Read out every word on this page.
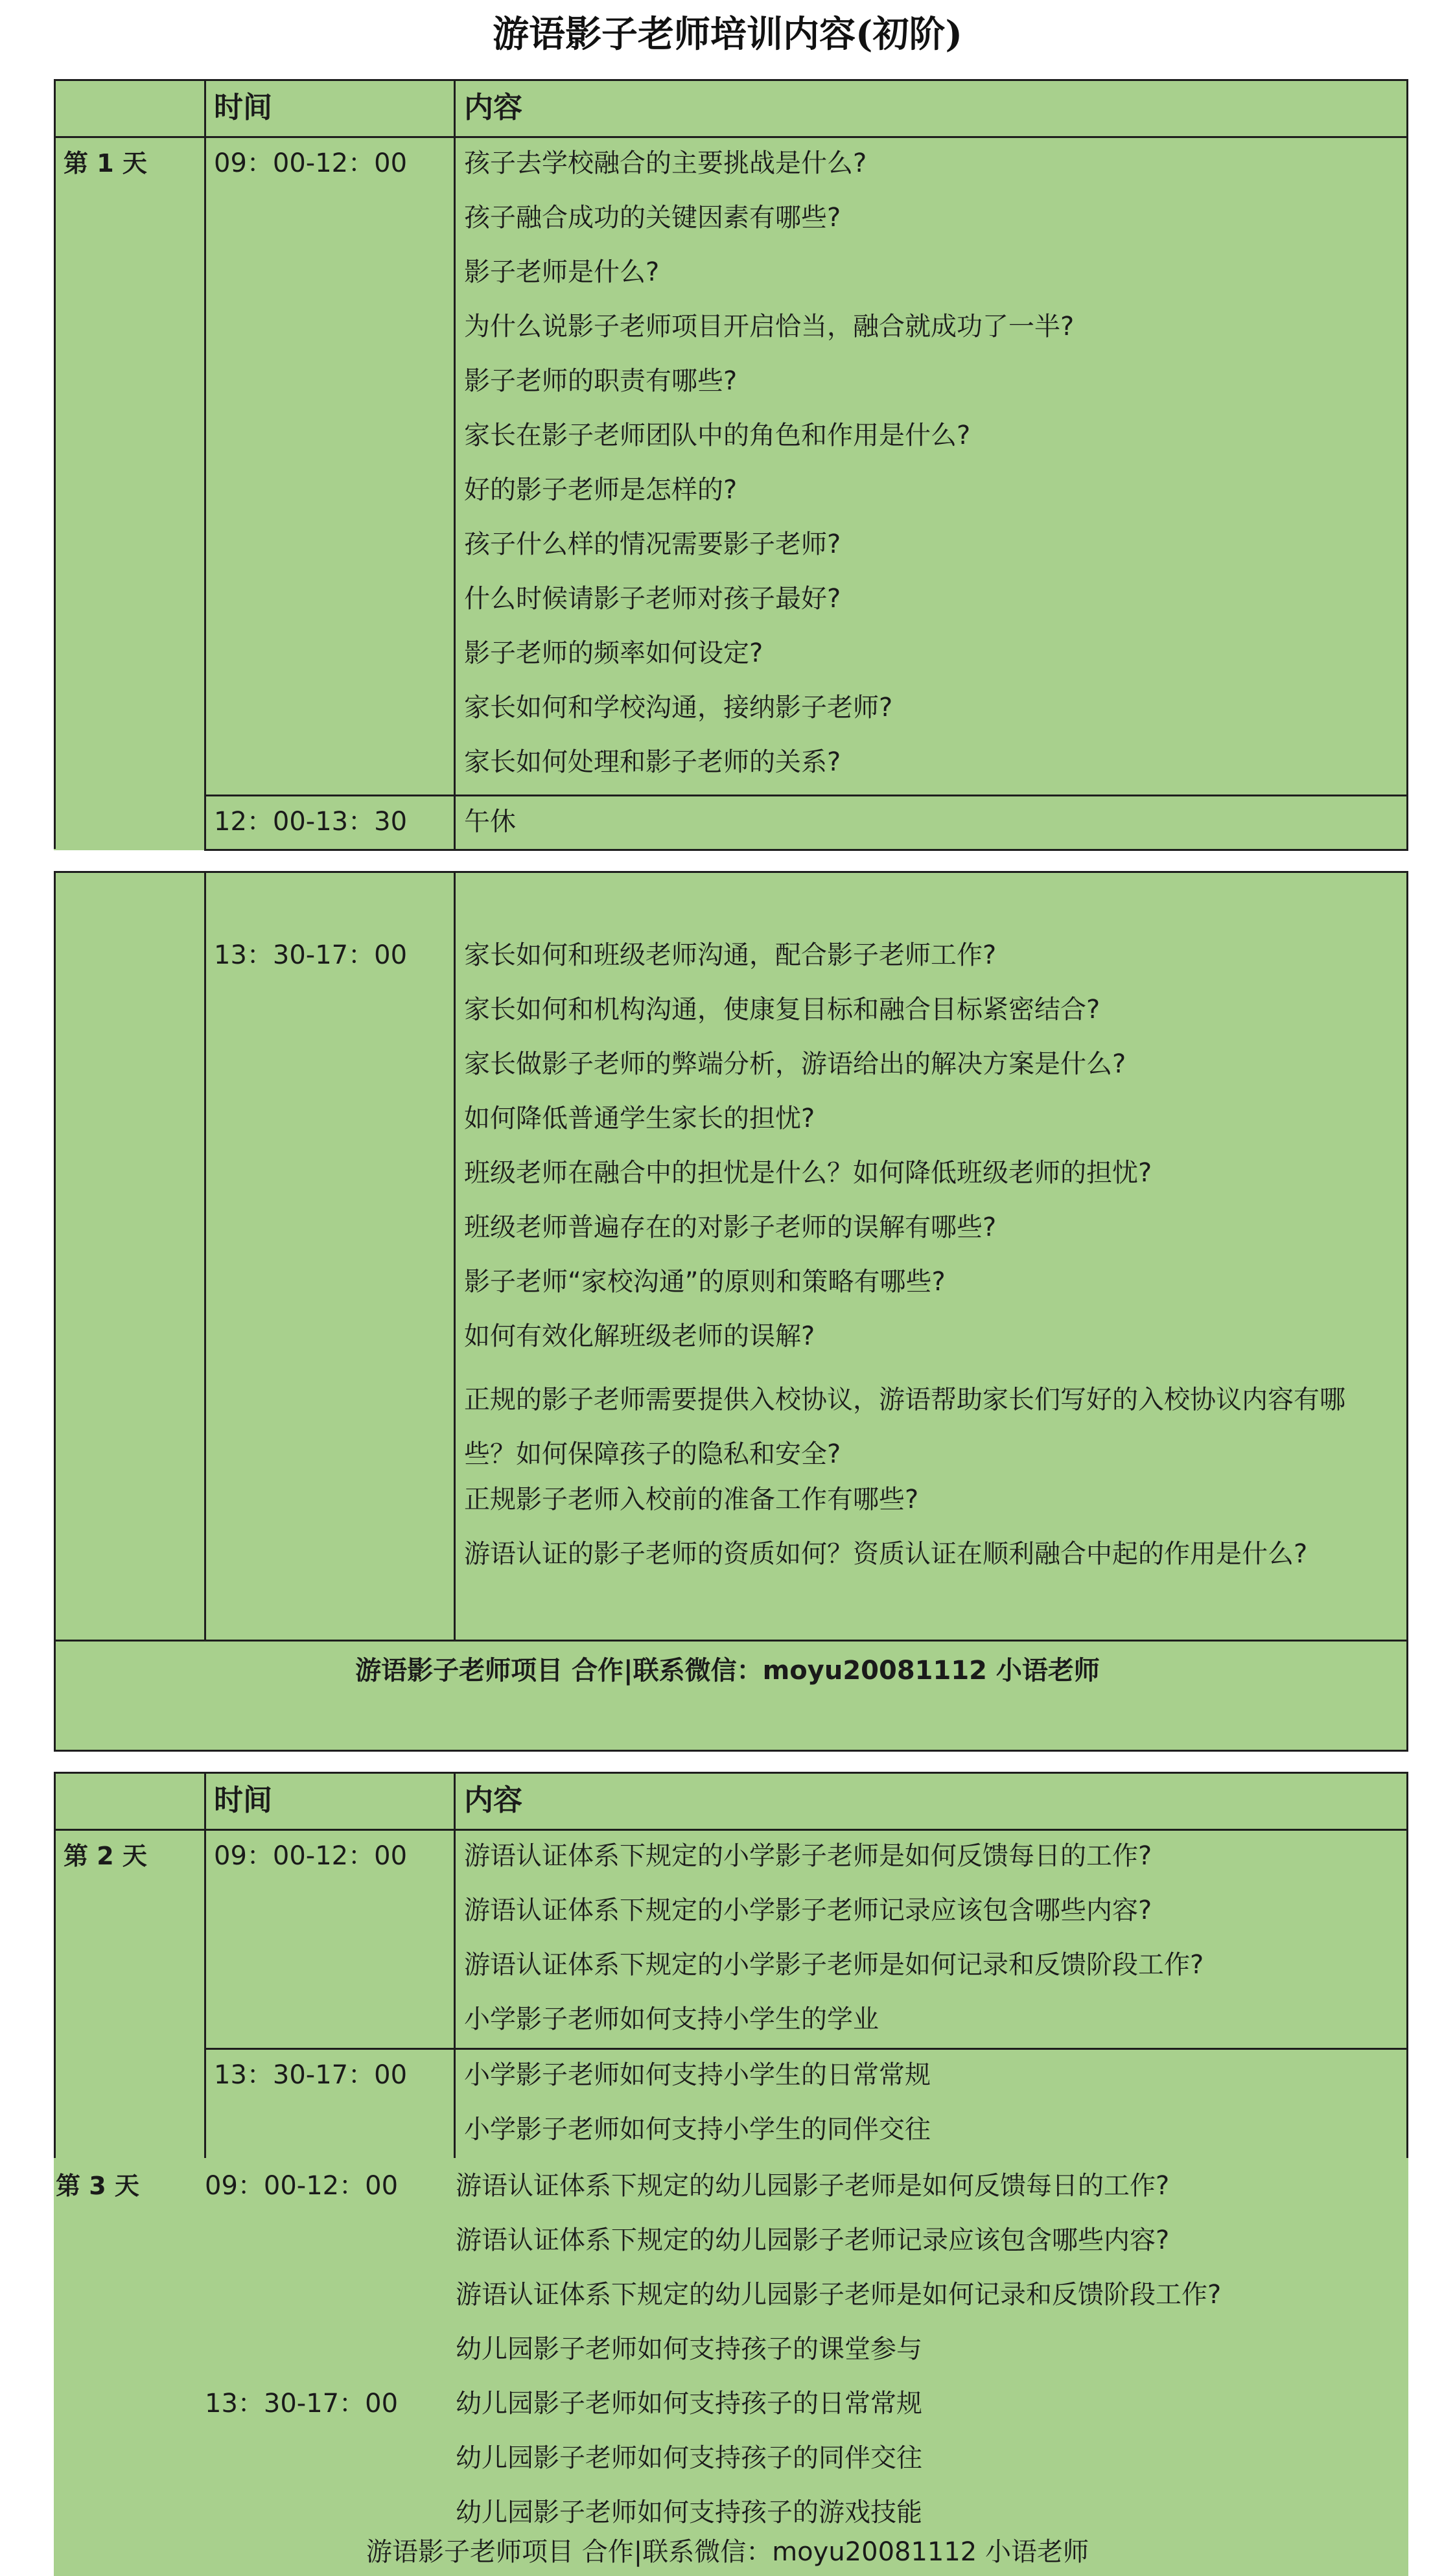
游语影子老师培训内容(初阶)
时间	内容
第 1 天	09：00-12：00 孩子去学校融合的主要挑战是什么?
孩子融合成功的关键因素有哪些?
影子老师是什么?
为什么说影子老师项目开启恰当，融合就成功了一半?
影子老师的职责有哪些?
家长在影子老师团队中的角色和作用是什么?
好的影子老师是怎样的?
孩子什么样的情况需要影子老师?
什么时候请影子老师对孩子最好?
影子老师的频率如何设定?
家长如何和学校沟通，接纳影子老师?
家长如何处理和影子老师的关系?
12：00-13：30 午休
13：30-17：00 家长如何和班级老师沟通，配合影子老师工作?
家长如何和机构沟通，使康复目标和融合目标紧密结合?
家长做影子老师的弊端分析，游语给出的解决方案是什么?
如何降低普通学生家长的担忧?
班级老师在融合中的担忧是什么？如何降低班级老师的担忧?
班级老师普遍存在的对影子老师的误解有哪些?
影子老师“家校沟通”的原则和策略有哪些?
如何有效化解班级老师的误解?
正规的影子老师需要提供入校协议，游语帮助家长们写好的入校协议内容有哪些？如何保障孩子的隐私和安全?
正规影子老师入校前的准备工作有哪些?
游语认证的影子老师的资质如何？资质认证在顺利融合中起的作用是什么?
游语影子老师项目 合作|联系微信：moyu20081112 小语老师
时间	内容
第 2 天	09：00-12：00 游语认证体系下规定的小学影子老师是如何反馈每日的工作?
游语认证体系下规定的小学影子老师记录应该包含哪些内容?
游语认证体系下规定的小学影子老师是如何记录和反馈阶段工作?
小学影子老师如何支持小学生的学业
13：30-17：00 小学影子老师如何支持小学生的日常常规
小学影子老师如何支持小学生的同伴交往
第 3 天	09：00-12：00 游语认证体系下规定的幼儿园影子老师是如何反馈每日的工作?
游语认证体系下规定的幼儿园影子老师记录应该包含哪些内容?
游语认证体系下规定的幼儿园影子老师是如何记录和反馈阶段工作?
幼儿园影子老师如何支持孩子的课堂参与
13：30-17：00 幼儿园影子老师如何支持孩子的日常常规
幼儿园影子老师如何支持孩子的同伴交往
幼儿园影子老师如何支持孩子的游戏技能
游语影子老师项目 合作|联系微信：moyu20081112 小语老师
